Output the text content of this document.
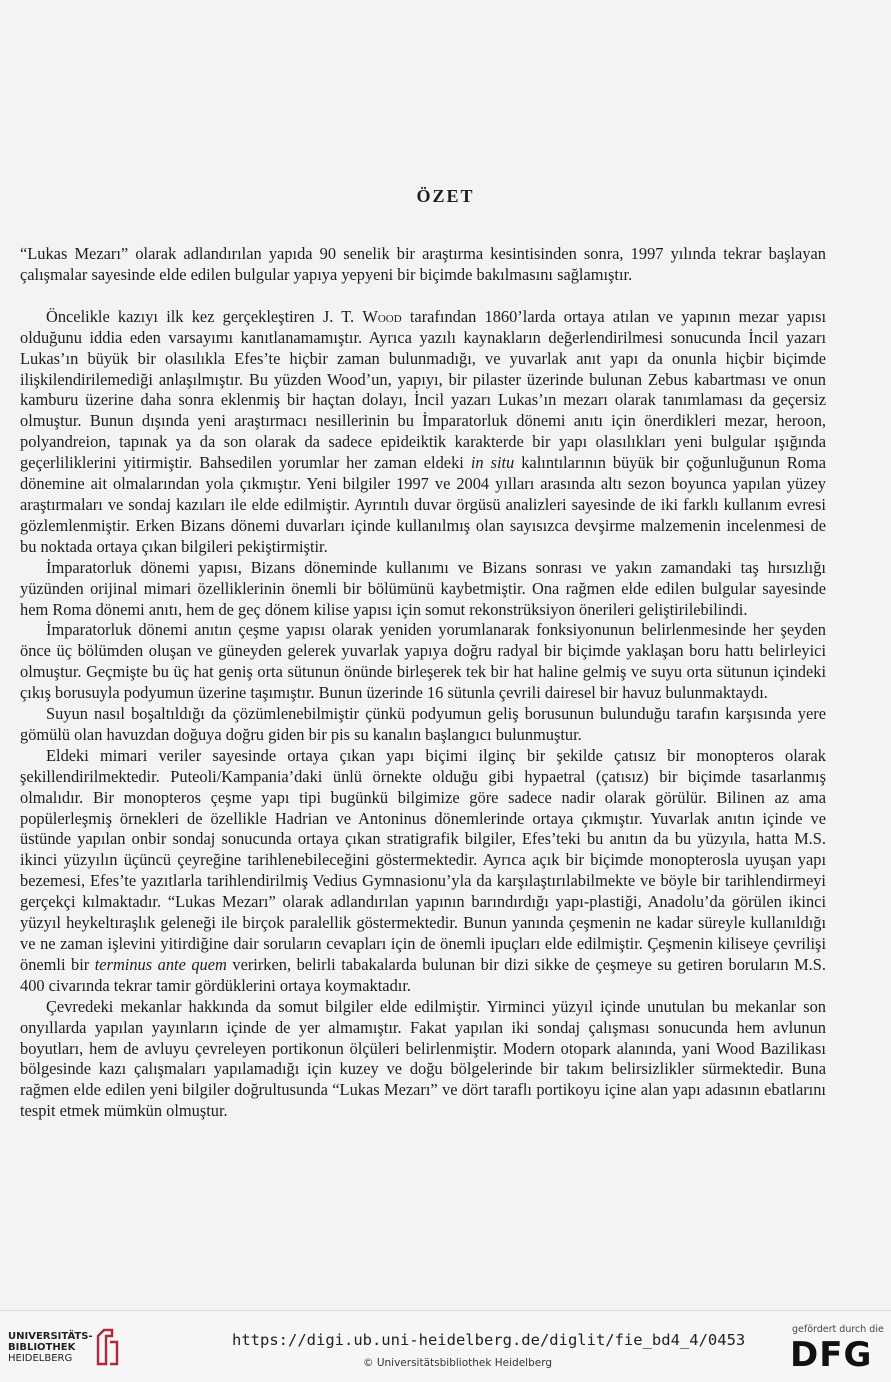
ÖZET

“Lukas Mezarı” olarak adlandırılan yapıda 90 senelik bir araştırma kesintisinden sonra, 1997 yılında tekrar başlayan çalışmalar sayesinde elde edilen bulgular yapıya yepyeni bir biçimde bakılmasını sağlamıştır.

Öncelikle kazıyı ilk kez gerçekleştiren J. T. Wood tarafından 1860’larda ortaya atılan ve yapının mezar yapısı olduğunu iddia eden varsayımı kanıtlanamamıştır. Ayrıca yazılı kaynakların değerlendirilmesi sonucunda İncil yazarı Lukas’ın büyük bir olasılıkla Efes’te hiçbir zaman bulunmadığı, ve yuvarlak anıt yapı da onunla hiçbir biçimde ilişkilendirilemediği anlaşılmıştır. Bu yüzden Wood’un, yapıyı, bir pilaster üzerinde bulunan Zebus kabartması ve onun kamburu üzerine daha sonra eklenmiş bir haçtan dolayı, İncil yazarı Lukas’ın mezarı olarak tanımlaması da geçersiz olmuştur. Bunun dışında yeni araştırmacı nesillerinin bu İmparatorluk dönemi anıtı için önerdikleri mezar, heroon, polyandreion, tapınak ya da son olarak da sadece epideiktik karakterde bir yapı olasılıkları yeni bulgular ışığında geçerliliklerini yitirmiştir. Bahsedilen yorumlar her zaman eldeki in situ kalıntılarının büyük bir çoğunluğunun Roma dönemine ait olmalarından yola çıkmıştır. Yeni bilgiler 1997 ve 2004 yılları arasında altı sezon boyunca yapılan yüzey araştırmaları ve sondaj kazıları ile elde edilmiştir. Ayrıntılı duvar örgüsü analizleri sayesinde de iki farklı kullanım evresi gözlemlenmiştir. Erken Bizans dönemi duvarları içinde kullanılmış olan sayısızca devşirme malzemenin incelenmesi de bu noktada ortaya çıkan bilgileri pekiştirmiştir.

İmparatorluk dönemi yapısı, Bizans döneminde kullanımı ve Bizans sonrası ve yakın zamandaki taş hırsızlığı yüzünden orijinal mimari özelliklerinin önemli bir bölümünü kaybetmiştir. Ona rağmen elde edilen bulgular sayesinde hem Roma dönemi anıtı, hem de geç dönem kilise yapısı için somut rekonstrüksiyon önerileri geliştirilebilindi.

İmparatorluk dönemi anıtın çeşme yapısı olarak yeniden yorumlanarak fonksiyonunun belirlenmesinde her şeyden önce üç bölümden oluşan ve güneyden gelerek yuvarlak yapıya doğru radyal bir biçimde yaklaşan boru hattı belirleyici olmuştur. Geçmişte bu üç hat geniş orta sütunun önünde birleşerek tek bir hat haline gelmiş ve suyu orta sütunun içindeki çıkış borusuyla podyumun üzerine taşımıştır. Bunun üzerinde 16 sütunla çevrili dairesel bir havuz bulunmaktaydı.

Suyun nasıl boşaltıldığı da çözümlenebilmiştir çünkü podyumun geliş borusunun bulunduğu tarafın karşısında yere gömülü olan havuzdan doğuya doğru giden bir pis su kanalın başlangıcı bulunmuştur.

Eldeki mimari veriler sayesinde ortaya çıkan yapı biçimi ilginç bir şekilde çatısız bir monopteros olarak şekillendirilmektedir. Puteoli/Kampania’daki ünlü örnekte olduğu gibi hypaetral (çatısız) bir biçimde tasarlanmış olmalıdır. Bir monopteros çeşme yapı tipi bugünkü bilgimize göre sadece nadir olarak görülür. Bilinen az ama popülerleşmiş örnekleri de özellikle Hadrian ve Antoninus dönemlerinde ortaya çıkmıştır. Yuvarlak anıtın içinde ve üstünde yapılan onbir sondaj sonucunda ortaya çıkan stratigrafik bilgiler, Efes’teki bu anıtın da bu yüzyıla, hatta M.S. ikinci yüzyılın üçüncü çeyreğine tarihlenebileceğini göstermektedir. Ayrıca açık bir biçimde monopterosla uyuşan yapı bezemesi, Efes’te yazıtlarla tarihlendirilmiş Vedius Gymnasionu’yla da karşılaştırılabilmekte ve böyle bir tarihlendirmeyi gerçekçi kılmaktadır. “Lukas Mezarı” olarak adlandırılan yapının barındırdığı yapı-plastiği, Anadolu’da görülen ikinci yüzyıl heykeltıraşlık geleneği ile birçok paralellik göstermektedir. Bunun yanında çeşmenin ne kadar süreyle kullanıldığı ve ne zaman işlevini yitirdiğine dair soruların cevapları için de önemli ipuçları elde edilmiştir. Çeşmenin kiliseye çevrilişi önemli bir terminus ante quem verirken, belirli tabakalarda bulunan bir dizi sikke de çeşmeye su getiren boruların M.S. 400 civarında tekrar tamir gördüklerini ortaya koymaktadır.

Çevredeki mekanlar hakkında da somut bilgiler elde edilmiştir. Yirminci yüzyıl içinde unutulan bu mekanlar son onyıllarda yapılan yayınların içinde de yer almamıştır. Fakat yapılan iki sondaj çalışması sonucunda hem avlunun boyutları, hem de avluyu çevreleyen portikonun ölçüleri belirlenmiştir. Modern otopark alanında, yani Wood Bazilikası bölgesinde kazı çalışmaları yapılamadığı için kuzey ve doğu bölgelerinde bir takım belirsizlikler sürmektedir. Buna rağmen elde edilen yeni bilgiler doğrultusunda “Lukas Mezarı” ve dört taraflı portikoyu içine alan yapı adasının ebatlarını tespit etmek mümkün olmuştur.

UNIVERSITÄTS-
BIBLIOTHEK
HEIDELBERG
https://digi.ub.uni-heidelberg.de/diglit/fie_bd4_4/0453
© Universitätsbibliothek Heidelberg
gefördert durch die
DFG
